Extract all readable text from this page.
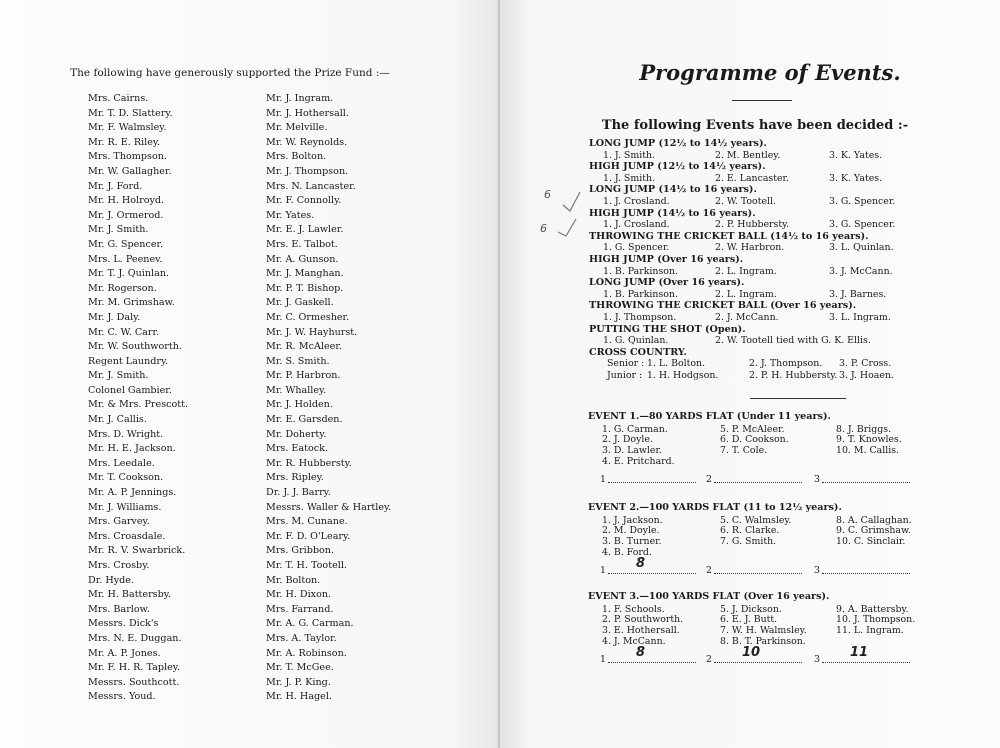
The following have generously supported the Prize Fund :—
Mrs. Cairns.
Mr. T. D. Slattery.
Mr. F. Walmsley.
Mr. R. E. Riley.
Mrs. Thompson.
Mr. W. Gallagher.
Mr. J. Ford.
Mr. H. Holroyd.
Mr. J. Ormerod.
Mr. J. Smith.
Mr. G. Spencer.
Mrs. L. Peenev.
Mr. T. J. Quinlan.
Mr. Rogerson.
Mr. M. Grimshaw.
Mr. J. Daly.
Mr. C. W. Carr.
Mr. W. Southworth.
Regent Laundry.
Mr. J. Smith.
Colonel Gambier.
Mr. & Mrs. Prescott.
Mr. J. Callis.
Mrs. D. Wright.
Mr. H. E. Jackson.
Mrs. Leedale.
Mr. T. Cookson.
Mr. A. P. Jennings.
Mr. J. Williams.
Mrs. Garvey.
Mrs. Croasdale.
Mr. R. V. Swarbrick.
Mrs. Crosby.
Dr. Hyde.
Mr. H. Battersby.
Mrs. Barlow.
Messrs. Dick's
Mrs. N. E. Duggan.
Mr. A. P. Jones.
Mr. F. H. R. Tapley.
Messrs. Southcott.
Messrs. Youd.
Mr. J. Ingram.
Mr. J. Hothersall.
Mr. Melville.
Mr. W. Reynolds.
Mrs. Bolton.
Mr. J. Thompson.
Mrs. N. Lancaster.
Mr. F. Connolly.
Mr. Yates.
Mr. E. J. Lawler.
Mrs. E. Talbot.
Mr. A. Gunson.
Mr. J. Manghan.
Mr. P. T. Bishop.
Mr. J. Gaskell.
Mr. C. Ormesher.
Mr. J. W. Hayhurst.
Mr. R. McAleer.
Mr. S. Smith.
Mr. P. Harbron.
Mr. Whalley.
Mr. J. Holden.
Mr. E. Garsden.
Mr. Doherty.
Mrs. Eatock.
Mr. R. Hubbersty.
Mrs. Ripley.
Dr. J. J. Barry.
Messrs. Waller & Hartley.
Mrs. M. Cunane.
Mr. F. D. O'Leary.
Mrs. Gribbon.
Mr. T. H. Tootell.
Mr. Bolton.
Mr. H. Dixon.
Mrs. Farrand.
Mr. A. G. Carman.
Mrs. A. Taylor.
Mr. A. Robinson.
Mr. T. McGee.
Mr. J. P. King.
Mr. H. Hagel.
Programme of Events.
The following Events have been decided :-
LONG JUMP (12½ to 14½ years).
1. J. Smith.	2. M. Bentley.	3. K. Yates.
HIGH JUMP (12½ to 14½ years).
1. J. Smith.	2. E. Lancaster.	3. K. Yates.
LONG JUMP (14½ to 16 years).
1. J. Crosland.	2. W. Tootell.	3. G. Spencer.
HIGH JUMP (14½ to 16 years).
1. J. Crosland.	2. P. Hubbersty.	3. G. Spencer.
THROWING THE CRICKET BALL (14½ to 16 years).
1. G. Spencer.	2. W. Harbron.	3. L. Quinlan.
HIGH JUMP (Over 16 years).
1. B. Parkinson.	2. L. Ingram.	3. J. McCann.
LONG JUMP (Over 16 years).
1. B. Parkinson.	2. L. Ingram.	3. J. Barnes.
THROWING THE CRICKET BALL (Over 16 years).
1. J. Thompson.	2. J. McCann.	3. L. Ingram.
PUTTING THE SHOT (Open).
1. G. Quinlan.	2. W. Tootell tied with G. K. Ellis.
CROSS COUNTRY.
Senior : 1. L. Bolton.	2. J. Thompson. 3. P. Cross.
Junior : 1. H. Hodgson.	2. P. H. Hubbersty. 3. J. Hoaen.
EVENT 1.—80 YARDS FLAT (Under 11 years).
1. G. Carman.	5. P. McAleer.	8. J. Briggs.
2. J. Doyle.	6. D. Cookson.	9. T. Knowles.
3. D. Lawler.	7. T. Cole.	10. M. Callis.
4. E. Pritchard.
1	2	3
EVENT 2.—100 YARDS FLAT (11 to 12½ years).
1. J. Jackson.	5. C. Walmsley.	8. A. Callaghan.
2. M. Doyle.	6. R. Clarke.	9. C. Grimshaw.
3. B. Turner.	7. G. Smith.	10. C. Sinclair.
4. B. Ford.
1 8	2	3
EVENT 3.—100 YARDS FLAT (Over 16 years).
1. F. Schools.	5. J. Dickson.	9. A. Battersby.
2. P. Southworth.	6. E. J. Butt.	10. J. Thompson.
3. E. Hothersall.	7. W. H. Walmsley.	11. L. Ingram.
4. J. McCann.	8. B. T. Parkinson.
1 8	2 10	3 11
6
6
